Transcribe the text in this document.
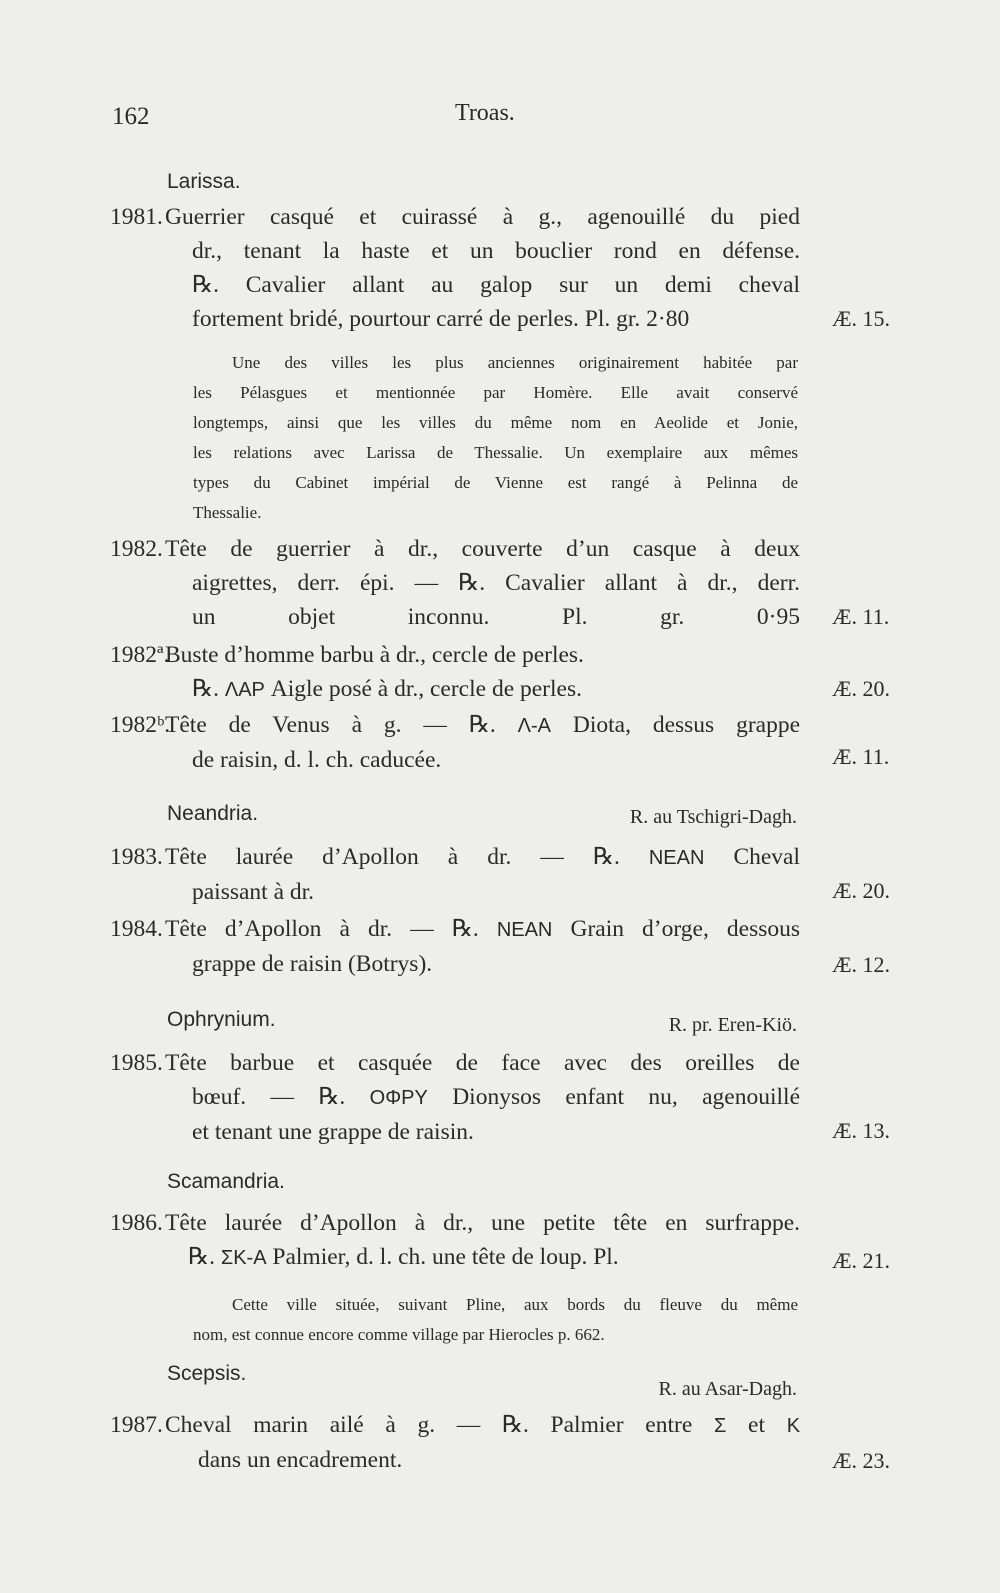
162	Troas.
Larissa.
1981.Guerrier casqué et cuirassé à g., agenouillé du pied
dr., tenant la haste et un bouclier rond en défense.
℞. Cavalier allant au galop sur un demi cheval
fortement bridé, pourtour carré de perles. Pl. gr. 2·80	Æ. 15.
Une des villes les plus anciennes originairement habitée par
les Pélasgues et mentionnée par Homère. Elle avait conservé
longtemps, ainsi que les villes du même nom en Aeolide et Jonie,
les relations avec Larissa de Thessalie. Un exemplaire aux mêmes
types du Cabinet impérial de Vienne est rangé à Pelinna de
Thessalie.
1982.Tête de guerrier à dr., couverte d’un casque à deux
aigrettes, derr. épi. — ℞. Cavalier allant à dr., derr.
un objet inconnu. Pl. gr. 0·95 Æ. 11.
1982ª.Buste d’homme barbu à dr., cercle de perles.
℞. ΛΑΡ Aigle posé à dr., cercle de perles.	Æ. 20.
1982ᵇ.Tête de Venus à g. — ℞. Λ-Α Diota, dessus grappe
de raisin, d. l. ch. caducée.	Æ. 11.
Neandria.	R. au Tschigri-Dagh.
1983.Tête laurée d’Apollon à dr. — ℞. ΝΕΑΝ Cheval
paissant à dr.	Æ. 20.
1984.Tête d’Apollon à dr. — ℞. ΝΕΑΝ Grain d’orge, dessous
grappe de raisin (Botrys).	Æ. 12.
Ophrynium.	R. pr. Eren-Kiö.
1985.Tête barbue et casquée de face avec des oreilles de
bœuf. — ℞. ΟΦΡΥ Dionysos enfant nu, agenouillé
et tenant une grappe de raisin.	Æ. 13.
Scamandria.
1986.Tête laurée d’Apollon à dr., une petite tête en surfrappe.
℞. ΣΚ-Α Palmier, d. l. ch. une tête de loup. Pl.	Æ. 21.
Cette ville située, suivant Pline, aux bords du fleuve du même
nom, est connue encore comme village par Hierocles p. 662.
Scepsis.
R. au Asar-Dagh.
1987.Cheval marin ailé à g. — ℞. Palmier entre Σ et Κ
dans un encadrement.	Æ. 23.
